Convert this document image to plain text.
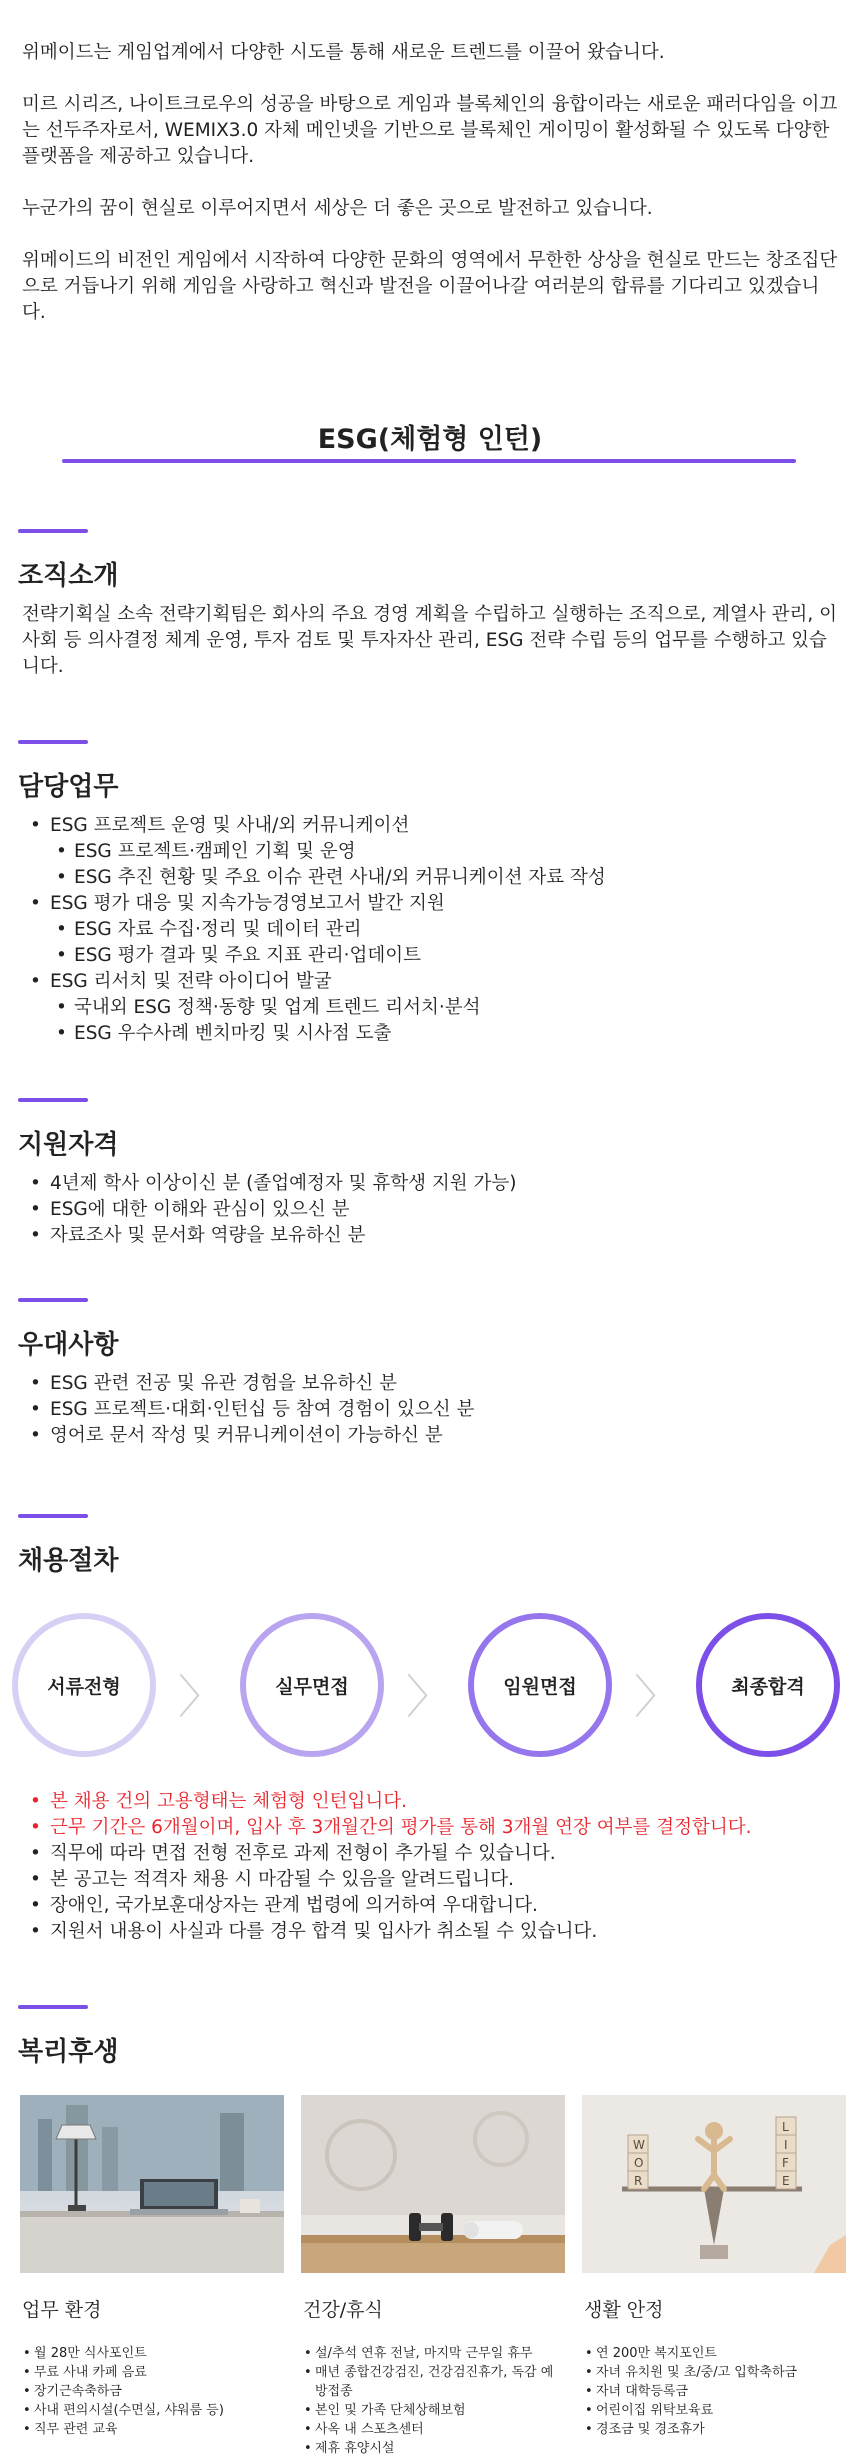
위메이드는 게임업계에서 다양한 시도를 통해 새로운 트렌드를 이끌어 왔습니다.

미르 시리즈, 나이트크로우의 성공을 바탕으로 게임과 블록체인의 융합이라는 새로운 패러다임을 이끄는 선두주자로서, WEMIX3.0 자체 메인넷을 기반으로 블록체인 게이밍이 활성화될 수 있도록 다양한 플랫폼을 제공하고 있습니다.

누군가의 꿈이 현실로 이루어지면서 세상은 더 좋은 곳으로 발전하고 있습니다.

위메이드의 비전인 게임에서 시작하여 다양한 문화의 영역에서 무한한 상상을 현실로 만드는 창조집단으로 거듭나기 위해 게임을 사랑하고 혁신과 발전을 이끌어나갈 여러분의 합류를 기다리고 있겠습니다.

ESG(체험형 인턴)
조직소개

전략기획실 소속 전략기획팀은 회사의 주요 경영 계획을 수립하고 실행하는 조직으로, 계열사 관리, 이사회 등 의사결정 체계 운영, 투자 검토 및 투자자산 관리, ESG 전략 수립 등의 업무를 수행하고 있습니다.

담당업무
• ESG 프로젝트 운영 및 사내/외 커뮤니케이션
• ESG 프로젝트·캠페인 기획 및 운영
• ESG 추진 현황 및 주요 이슈 관련 사내/외 커뮤니케이션 자료 작성
• ESG 평가 대응 및 지속가능경영보고서 발간 지원
• ESG 자료 수집·정리 및 데이터 관리
• ESG 평가 결과 및 주요 지표 관리·업데이트
• ESG 리서치 및 전략 아이디어 발굴
• 국내외 ESG 정책·동향 및 업계 트렌드 리서치·분석
• ESG 우수사례 벤치마킹 및 시사점 도출
지원자격
• 4년제 학사 이상이신 분 (졸업예정자 및 휴학생 지원 가능)
• ESG에 대한 이해와 관심이 있으신 분
• 자료조사 및 문서화 역량을 보유하신 분
우대사항
• ESG 관련 전공 및 유관 경험을 보유하신 분
• ESG 프로젝트·대회·인턴십 등 참여 경험이 있으신 분
• 영어로 문서 작성 및 커뮤니케이션이 가능하신 분
채용절차
서류전형	〉	실무면접	〉	임원면접	〉	최종합격
• 본 채용 건의 고용형태는 체험형 인턴입니다.
• 근무 기간은 6개월이며, 입사 후 3개월간의 평가를 통해 3개월 연장 여부를 결정합니다.
• 직무에 따라 면접 전형 전후로 과제 전형이 추가될 수 있습니다.
• 본 공고는 적격자 채용 시 마감될 수 있음을 알려드립니다.
• 장애인, 국가보훈대상자는 관계 법령에 의거하여 우대합니다.
• 지원서 내용이 사실과 다를 경우 합격 및 입사가 취소될 수 있습니다.
복리후생
업무 환경
• 월 28만 식사포인트
• 무료 사내 카페 음료
• 장기근속축하금
• 사내 편의시설(수면실, 샤워룸 등)
• 직무 관련 교육
건강/휴식
• 설/추석 연휴 전날, 마지막 근무일 휴무
• 매년 종합건강검진, 건강검진휴가, 독감 예방접종
• 본인 및 가족 단체상해보험
• 사옥 내 스포츠센터
• 제휴 휴양시설
W
O
R
L
I
F
E
생활 안정
• 연 200만 복지포인트
• 자녀 유치원 및 초/중/고 입학축하금
• 자녀 대학등록금
• 어린이집 위탁보육료
• 경조금 및 경조휴가
